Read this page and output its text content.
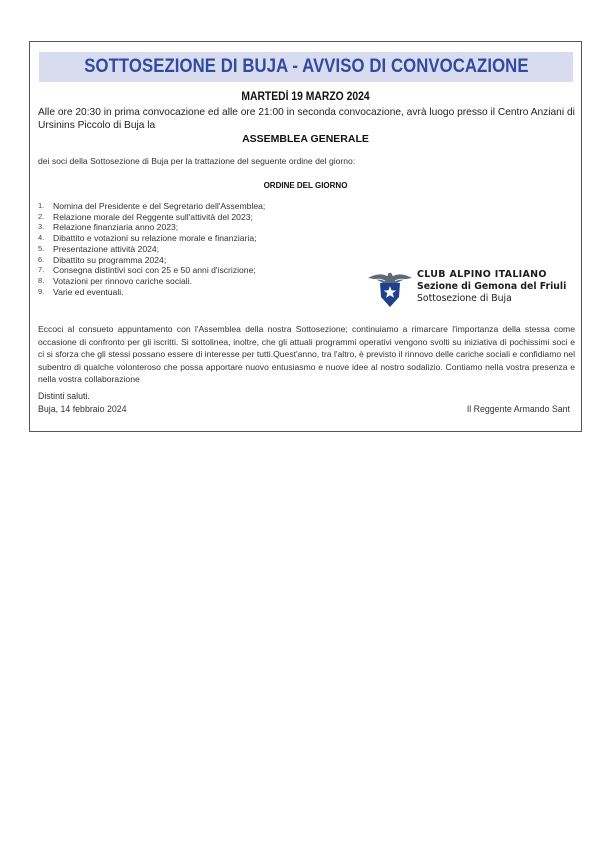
SOTTOSEZIONE DI BUJA - AVVISO DI CONVOCAZIONE
MARTEDÌ 19 MARZO 2024
Alle ore 20:30 in prima convocazione ed alle ore 21:00 in seconda convocazione, avrà luogo presso il Centro Anziani di Ursinins Piccolo di Buja la
ASSEMBLEA GENERALE
dei soci della Sottosezione di Buja per la trattazione del seguente ordine del giorno:
ORDINE DEL GIORNO
1.	Nomina del Presidente e del Segretario dell'Assemblea;
2.	Relazione morale del Reggente sull'attività del 2023;
3.	Relazione finanziaria anno 2023;
4.	Dibattito e votazioni su relazione morale e finanziaria;
5.	Presentazione attività 2024;
6.	Dibattito su programma 2024;
7.	Consegna distintivi soci con 25 e 50 anni d'iscrizione;
8.	Votazioni per rinnovo cariche sociali.
9.	Varie ed eventuali.
CLUB ALPINO ITALIANO
Sezione di Gemona del Friuli
Sottosezione di Buja
Eccoci al consueto appuntamento con l'Assemblea della nostra Sottosezione; continuiamo a rimarcare l'importanza della stessa come occasione di confronto per gli iscritti. Si sottolinea, inoltre, che gli attuali programmi operativi vengono svolti su iniziativa di pochissimi soci e ci si sforza che gli stessi possano essere di interesse per tutti.Quest'anno, tra l'altro, è previsto il rinnovo delle cariche sociali e confidiamo nel subentro di qualche volonteroso che possa apportare nuovo entusiasmo e nuove idee al nostro sodalizio. Contiamo nella vostra presenza e nella vostra collaborazione
Distinti saluti.
Buja, 14 febbraio 2024	Il Reggente Armando Sant
